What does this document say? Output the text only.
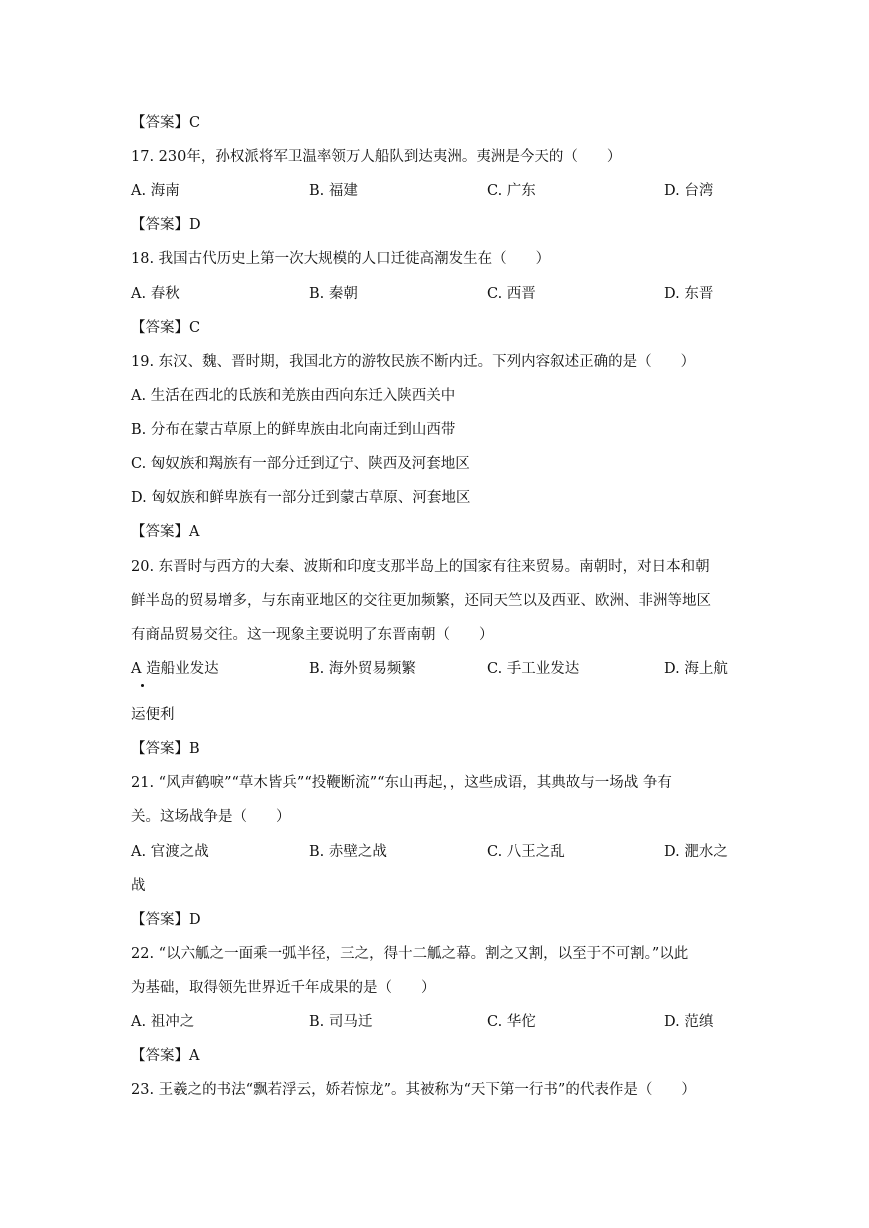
【答案】C
17. 230年，孙权派将军卫温率领万人船队到达夷洲。夷洲是今天的（　　）
A. 海南	B. 福建	C. 广东	D. 台湾
【答案】D
18. 我国古代历史上第一次大规模的人口迁徙高潮发生在（　　）
A. 春秋	B. 秦朝	C. 西晋	D. 东晋
【答案】C
19. 东汉、魏、晋时期，我国北方的游牧民族不断内迁。下列内容叙述正确的是（　　）
A. 生活在西北的氐族和羌族由西向东迁入陕西关中
B. 分布在蒙古草原上的鲜卑族由北向南迁到山西带
C. 匈奴族和羯族有一部分迁到辽宁、陕西及河套地区
D. 匈奴族和鲜卑族有一部分迁到蒙古草原、河套地区
【答案】A
20. 东晋时与西方的大秦、波斯和印度支那半岛上的国家有往来贸易。南朝时，对日本和朝
鲜半岛的贸易增多，与东南亚地区的交往更加频繁，还同天竺以及西亚、欧洲、非洲等地区
有商品贸易交往。这一现象主要说明了东晋南朝（　　）
A 造船业发达	B. 海外贸易频繁	C. 手工业发达	D. 海上航
运便利
【答案】B
21. “风声鹤唳”“草木皆兵”“投鞭断流”“东山再起，，这些成语，其典故与一场战 争有
关。这场战争是（　　）
A. 官渡之战	B. 赤壁之战	C. 八王之乱	D. 淝水之
战
【答案】D
22. “以六觚之一面乘一弧半径，三之，得十二觚之幕。割之又割，以至于不可割。”以此
为基础，取得领先世界近千年成果的是（　　）
A. 祖冲之	B. 司马迁	C. 华佗	D. 范缜
【答案】A
23. 王羲之的书法“飘若浮云，娇若惊龙”。其被称为“天下第一行书”的代表作是（　　）
